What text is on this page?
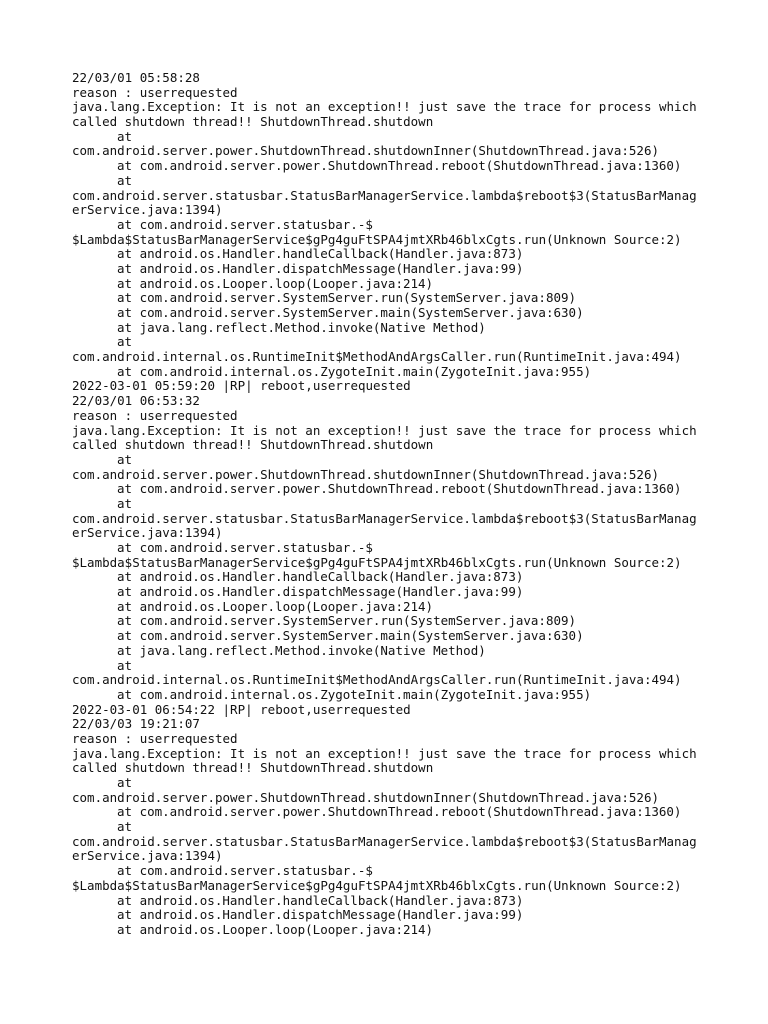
22/03/01 05:58:28
reason : userrequested
java.lang.Exception: It is not an exception!! just save the trace for process which
called shutdown thread!! ShutdownThread.shutdown
at
com.android.server.power.ShutdownThread.shutdownInner(ShutdownThread.java:526)
at com.android.server.power.ShutdownThread.reboot(ShutdownThread.java:1360)
at
com.android.server.statusbar.StatusBarManagerService.lambda$reboot$3(StatusBarManag
erService.java:1394)
at com.android.server.statusbar.-$
$Lambda$StatusBarManagerService$gPg4guFtSPA4jmtXRb46blxCgts.run(Unknown Source:2)
at android.os.Handler.handleCallback(Handler.java:873)
at android.os.Handler.dispatchMessage(Handler.java:99)
at android.os.Looper.loop(Looper.java:214)
at com.android.server.SystemServer.run(SystemServer.java:809)
at com.android.server.SystemServer.main(SystemServer.java:630)
at java.lang.reflect.Method.invoke(Native Method)
at
com.android.internal.os.RuntimeInit$MethodAndArgsCaller.run(RuntimeInit.java:494)
at com.android.internal.os.ZygoteInit.main(ZygoteInit.java:955)
2022-03-01 05:59:20 |RP| reboot,userrequested
22/03/01 06:53:32
reason : userrequested
java.lang.Exception: It is not an exception!! just save the trace for process which
called shutdown thread!! ShutdownThread.shutdown
at
com.android.server.power.ShutdownThread.shutdownInner(ShutdownThread.java:526)
at com.android.server.power.ShutdownThread.reboot(ShutdownThread.java:1360)
at
com.android.server.statusbar.StatusBarManagerService.lambda$reboot$3(StatusBarManag
erService.java:1394)
at com.android.server.statusbar.-$
$Lambda$StatusBarManagerService$gPg4guFtSPA4jmtXRb46blxCgts.run(Unknown Source:2)
at android.os.Handler.handleCallback(Handler.java:873)
at android.os.Handler.dispatchMessage(Handler.java:99)
at android.os.Looper.loop(Looper.java:214)
at com.android.server.SystemServer.run(SystemServer.java:809)
at com.android.server.SystemServer.main(SystemServer.java:630)
at java.lang.reflect.Method.invoke(Native Method)
at
com.android.internal.os.RuntimeInit$MethodAndArgsCaller.run(RuntimeInit.java:494)
at com.android.internal.os.ZygoteInit.main(ZygoteInit.java:955)
2022-03-01 06:54:22 |RP| reboot,userrequested
22/03/03 19:21:07
reason : userrequested
java.lang.Exception: It is not an exception!! just save the trace for process which
called shutdown thread!! ShutdownThread.shutdown
at
com.android.server.power.ShutdownThread.shutdownInner(ShutdownThread.java:526)
at com.android.server.power.ShutdownThread.reboot(ShutdownThread.java:1360)
at
com.android.server.statusbar.StatusBarManagerService.lambda$reboot$3(StatusBarManag
erService.java:1394)
at com.android.server.statusbar.-$
$Lambda$StatusBarManagerService$gPg4guFtSPA4jmtXRb46blxCgts.run(Unknown Source:2)
at android.os.Handler.handleCallback(Handler.java:873)
at android.os.Handler.dispatchMessage(Handler.java:99)
at android.os.Looper.loop(Looper.java:214)
